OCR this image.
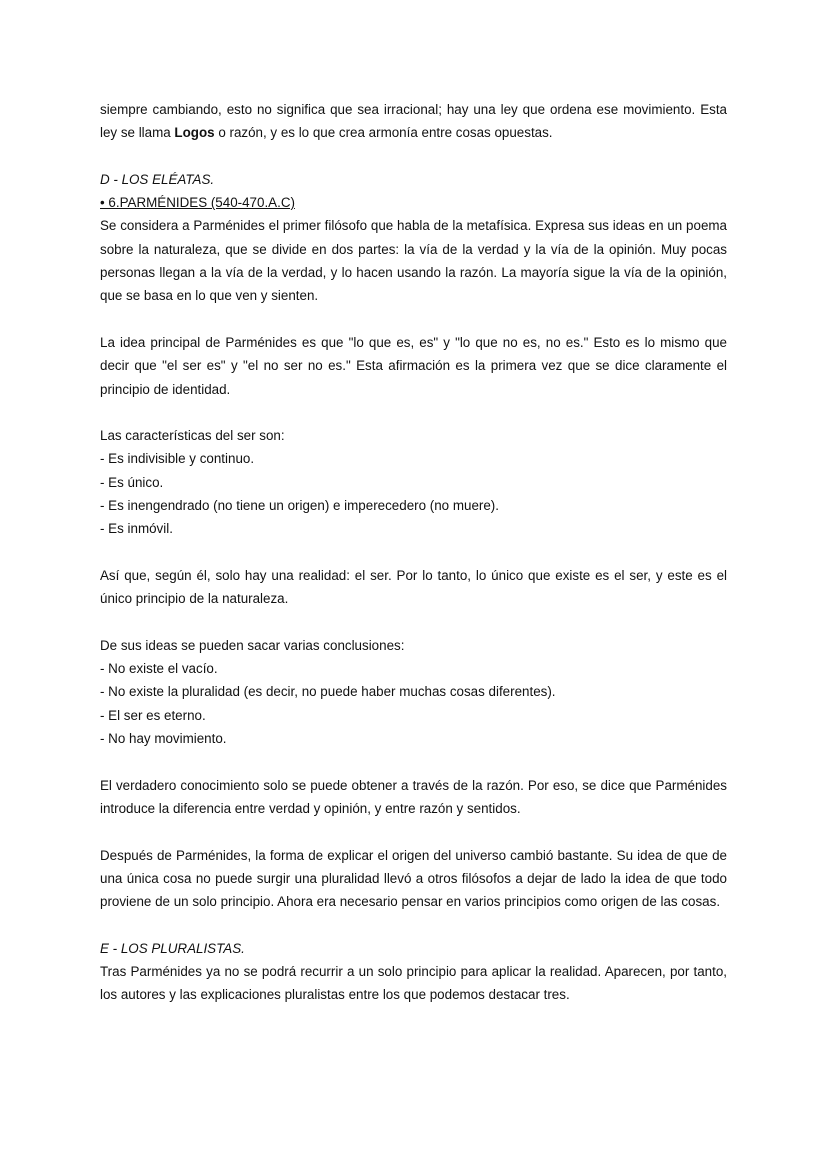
siempre cambiando, esto no significa que sea irracional; hay una ley que ordena ese movimiento. Esta ley se llama Logos o razón, y es lo que crea armonía entre cosas opuestas.

D - LOS ELÉATAS.

• 6.PARMÉNIDES (540-470.A.C)

Se considera a Parménides el primer filósofo que habla de la metafísica. Expresa sus ideas en un poema sobre la naturaleza, que se divide en dos partes: la vía de la verdad y la vía de la opinión. Muy pocas personas llegan a la vía de la verdad, y lo hacen usando la razón. La mayoría sigue la vía de la opinión, que se basa en lo que ven y sienten.

La idea principal de Parménides es que "lo que es, es" y "lo que no es, no es." Esto es lo mismo que decir que "el ser es" y "el no ser no es." Esta afirmación es la primera vez que se dice claramente el principio de identidad.

Las características del ser son:

- Es indivisible y continuo.
- Es único.
- Es inengendrado (no tiene un origen) e imperecedero (no muere).
- Es inmóvil.

Así que, según él, solo hay una realidad: el ser. Por lo tanto, lo único que existe es el ser, y este es el único principio de la naturaleza.

De sus ideas se pueden sacar varias conclusiones:

- No existe el vacío.
- No existe la pluralidad (es decir, no puede haber muchas cosas diferentes).
- El ser es eterno.
- No hay movimiento.

El verdadero conocimiento solo se puede obtener a través de la razón. Por eso, se dice que Parménides introduce la diferencia entre verdad y opinión, y entre razón y sentidos.

Después de Parménides, la forma de explicar el origen del universo cambió bastante. Su idea de que de una única cosa no puede surgir una pluralidad llevó a otros filósofos a dejar de lado la idea de que todo proviene de un solo principio. Ahora era necesario pensar en varios principios como origen de las cosas.

E - LOS PLURALISTAS.

Tras Parménides ya no se podrá recurrir a un solo principio para aplicar la realidad. Aparecen, por tanto, los autores y las explicaciones pluralistas entre los que podemos destacar tres.
